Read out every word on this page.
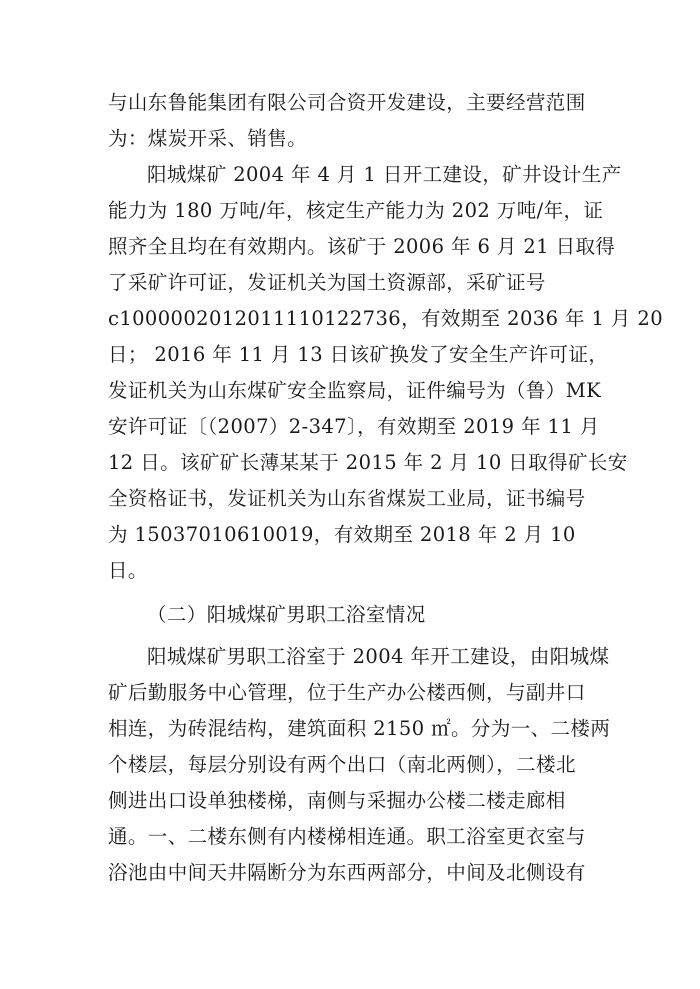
与山东鲁能集团有限公司合资开发建设，主要经营范围
为：煤炭开采、销售。
阳城煤矿 2004 年 4 月 1 日开工建设，矿井设计生产
能力为 180 万吨/年，核定生产能力为 202 万吨/年，证
照齐全且均在有效期内。该矿于 2006 年 6 月 21 日取得
了采矿许可证，发证机关为国土资源部，采矿证号
c1000002012011110122736，有效期至 2036 年 1 月 20
日； 2016 年 11 月 13 日该矿换发了安全生产许可证，
发证机关为山东煤矿安全监察局，证件编号为（鲁）MK
安许可证〔（2007）2-347〕，有效期至 2019 年 11 月
12 日。该矿矿长薄某某于 2015 年 2 月 10 日取得矿长安
全资格证书，发证机关为山东省煤炭工业局，证书编号
为 15037010610019，有效期至 2018 年 2 月 10
日。
（二）阳城煤矿男职工浴室情况
阳城煤矿男职工浴室于 2004 年开工建设，由阳城煤
矿后勤服务中心管理，位于生产办公楼西侧，与副井口
相连，为砖混结构，建筑面积 2150 ㎡。分为一、二楼两
个楼层，每层分别设有两个出口（南北两侧），二楼北
侧进出口设单独楼梯，南侧与采掘办公楼二楼走廊相
通。一、二楼东侧有内楼梯相连通。职工浴室更衣室与
浴池由中间天井隔断分为东西两部分，中间及北侧设有
